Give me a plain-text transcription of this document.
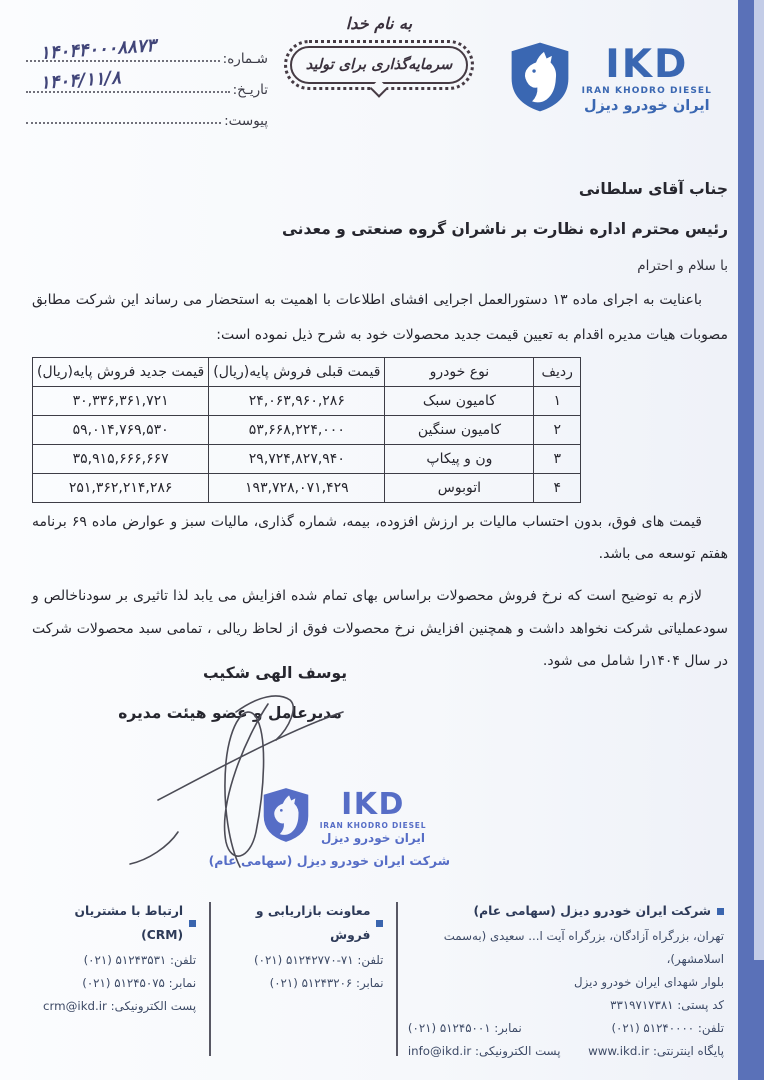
شـماره:
۱۴۰۴۴۰۰۰۸۸۷۳
تاریـخ:
۱۴۰۴/۱۱/۸
پیوست:
به نام خدا
سرمایه‌گذاری برای تولید	IKD
IRAN KHODRO DIESEL
ایران خودرو دیزل

جناب آقای سلطانی

رئیس محترم اداره نظارت بر ناشران گروه صنعتی و معدنی

با سلام و احترام

باعنایت به اجرای ماده ۱۳ دستورالعمل اجرایی افشای اطلاعات با اهمیت به استحضار می رساند این شرکت مطابق مصوبات هیات مدیره اقدام به تعیین قیمت جدید محصولات خود به شرح ذیل نموده است:

ردیف	نوع خودرو	قیمت قبلی فروش پایه(ریال)	قیمت جدید فروش پایه(ریال)
۱	کامیون سبک	۲۴,۰۶۳,۹۶۰,۲۸۶	۳۰,۳۳۶,۳۶۱,۷۲۱
۲	کامیون سنگین	۵۳,۶۶۸,۲۲۴,۰۰۰	۵۹,۰۱۴,۷۶۹,۵۳۰
۳	ون و پیکاپ	۲۹,۷۲۴,۸۲۷,۹۴۰	۳۵,۹۱۵,۶۶۶,۶۶۷
۴	اتوبوس	۱۹۳,۷۲۸,۰۷۱,۴۲۹	۲۵۱,۳۶۲,۲۱۴,۲۸۶

قیمت های فوق، بدون احتساب مالیات بر ارزش افزوده، بیمه، شماره گذاری، مالیات سبز و عوارض ماده ۶۹ برنامه هفتم توسعه می باشد.

لازم به توضیح است که نرخ فروش محصولات براساس بهای تمام شده افزایش می یابد لذا تاثیری بر سودناخالص و سودعملیاتی شرکت نخواهد داشت و همچنین افزایش نرخ محصولات فوق از لحاظ ریالی ، تمامی سبد محصولات شرکت در سال ۱۴۰۴را شامل می شود.

یوسف الهی شکیب
مدیرعامل و عضو هیئت مدیره
IKD
IRAN KHODRO DIESEL
ایران خودرو دیزل
شرکت ایران خودرو دیزل (سهامی عام)
شرکت ایران خودرو دیزل (سهامی عام)
تهران، بزرگراه آزادگان، بزرگراه آیت ا... سعیدی (به‌سمت اسلامشهر)،
بلوار شهدای ایران خودرو دیزل
کد پستی: ۳۳۱۹۷۱۷۳۸۱
تلفن: ۵۱۲۴۰۰۰۰ (۰۲۱)
نمابر: ۵۱۲۴۵۰۰۱ (۰۲۱)
پایگاه اینترنتی: www.ikd.ir
پست الکترونیکی: info@ikd.ir
معاونت بازاریابی و فروش
تلفن: ۵۱۲۴۲۷۷۰-۷۱ (۰۲۱)
نمابر: ۵۱۲۴۳۲۰۶ (۰۲۱)
ارتباط با مشتریان (CRM)
تلفن: ۵۱۲۴۳۵۳۱ (۰۲۱)
نمابر: ۵۱۲۴۵۰۷۵ (۰۲۱)
پست الکترونیکی: crm@ikd.ir
